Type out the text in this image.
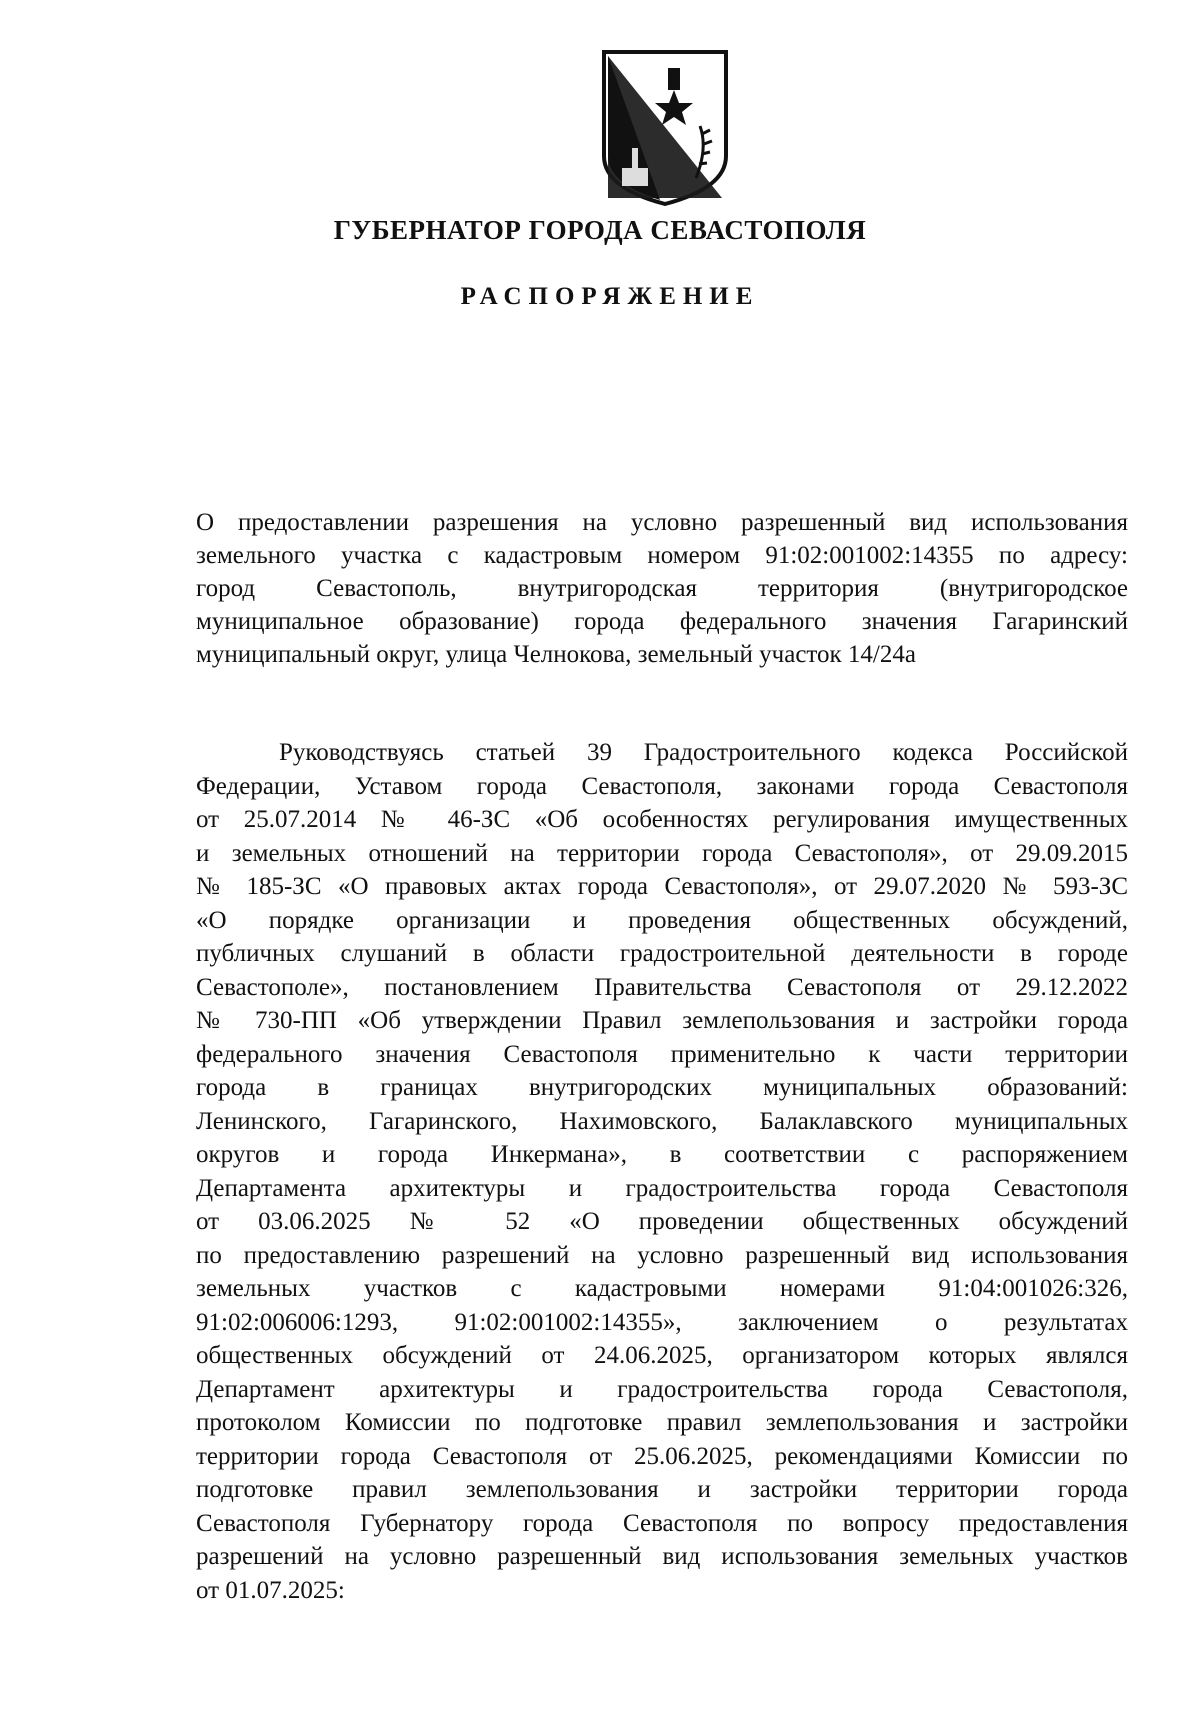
ГУБЕРНАТОР ГОРОДА СЕВАСТОПОЛЯ
РАСПОРЯЖЕНИЕ
О предоставлении разрешения на условно разрешенный вид использования
земельного участка с кадастровым номером 91:02:001002:14355 по адресу:
город Севастополь, внутригородская территория (внутригородское
муниципальное образование) города федерального значения Гагаринский
муниципальный округ, улица Челнокова, земельный участок 14/24а
Руководствуясь статьей 39 Градостроительного кодекса Российской
Федерации, Уставом города Севастополя, законами города Севастополя
от 25.07.2014 № 46-ЗС «Об особенностях регулирования имущественных
и земельных отношений на территории города Севастополя», от 29.09.2015
№ 185-ЗС «О правовых актах города Севастополя», от 29.07.2020 № 593-ЗС
«О порядке организации и проведения общественных обсуждений,
публичных слушаний в области градостроительной деятельности в городе
Севастополе», постановлением Правительства Севастополя от 29.12.2022
№ 730-ПП «Об утверждении Правил землепользования и застройки города
федерального значения Севастополя применительно к части территории
города в границах внутригородских муниципальных образований:
Ленинского, Гагаринского, Нахимовского, Балаклавского муниципальных
округов и города Инкермана», в соответствии с распоряжением
Департамента архитектуры и градостроительства города Севастополя
от 03.06.2025 № 52 «О проведении общественных обсуждений
по предоставлению разрешений на условно разрешенный вид использования
земельных участков с кадастровыми номерами 91:04:001026:326,
91:02:006006:1293, 91:02:001002:14355», заключением о результатах
общественных обсуждений от 24.06.2025, организатором которых являлся
Департамент архитектуры и градостроительства города Севастополя,
протоколом Комиссии по подготовке правил землепользования и застройки
территории города Севастополя от 25.06.2025, рекомендациями Комиссии по
подготовке правил землепользования и застройки территории города
Севастополя Губернатору города Севастополя по вопросу предоставления
разрешений на условно разрешенный вид использования земельных участков
от 01.07.2025:
